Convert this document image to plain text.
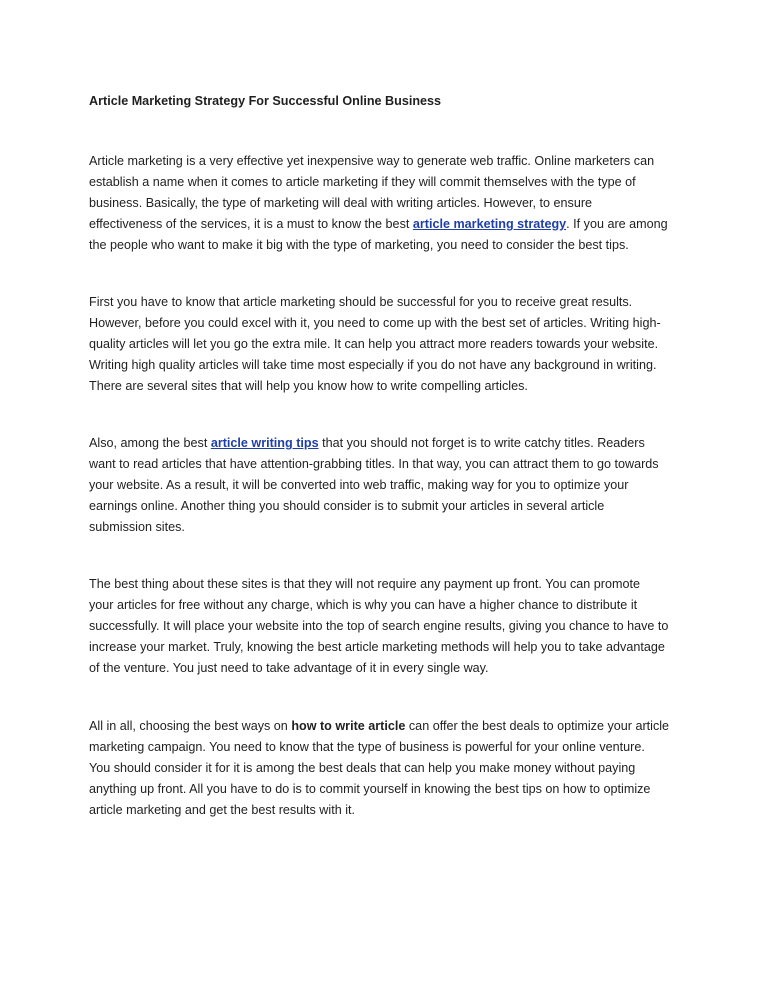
Article Marketing Strategy For Successful Online Business

Article marketing is a very effective yet inexpensive way to generate web traffic. Online marketers can
establish a name when it comes to article marketing if they will commit themselves with the type of
business. Basically, the type of marketing will deal with writing articles. However, to ensure
effectiveness of the services, it is a must to know the best article marketing strategy. If you are among
the people who want to make it big with the type of marketing, you need to consider the best tips.

First you have to know that article marketing should be successful for you to receive great results.
However, before you could excel with it, you need to come up with the best set of articles. Writing high-
quality articles will let you go the extra mile. It can help you attract more readers towards your website.
Writing high quality articles will take time most especially if you do not have any background in writing.
There are several sites that will help you know how to write compelling articles.

Also, among the best article writing tips that you should not forget is to write catchy titles. Readers
want to read articles that have attention-grabbing titles. In that way, you can attract them to go towards
your website. As a result, it will be converted into web traffic, making way for you to optimize your
earnings online. Another thing you should consider is to submit your articles in several article
submission sites.

The best thing about these sites is that they will not require any payment up front. You can promote
your articles for free without any charge, which is why you can have a higher chance to distribute it
successfully. It will place your website into the top of search engine results, giving you chance to have to
increase your market. Truly, knowing the best article marketing methods will help you to take advantage
of the venture. You just need to take advantage of it in every single way.

All in all, choosing the best ways on how to write article can offer the best deals to optimize your article
marketing campaign. You need to know that the type of business is powerful for your online venture.
You should consider it for it is among the best deals that can help you make money without paying
anything up front. All you have to do is to commit yourself in knowing the best tips on how to optimize
article marketing and get the best results with it.
